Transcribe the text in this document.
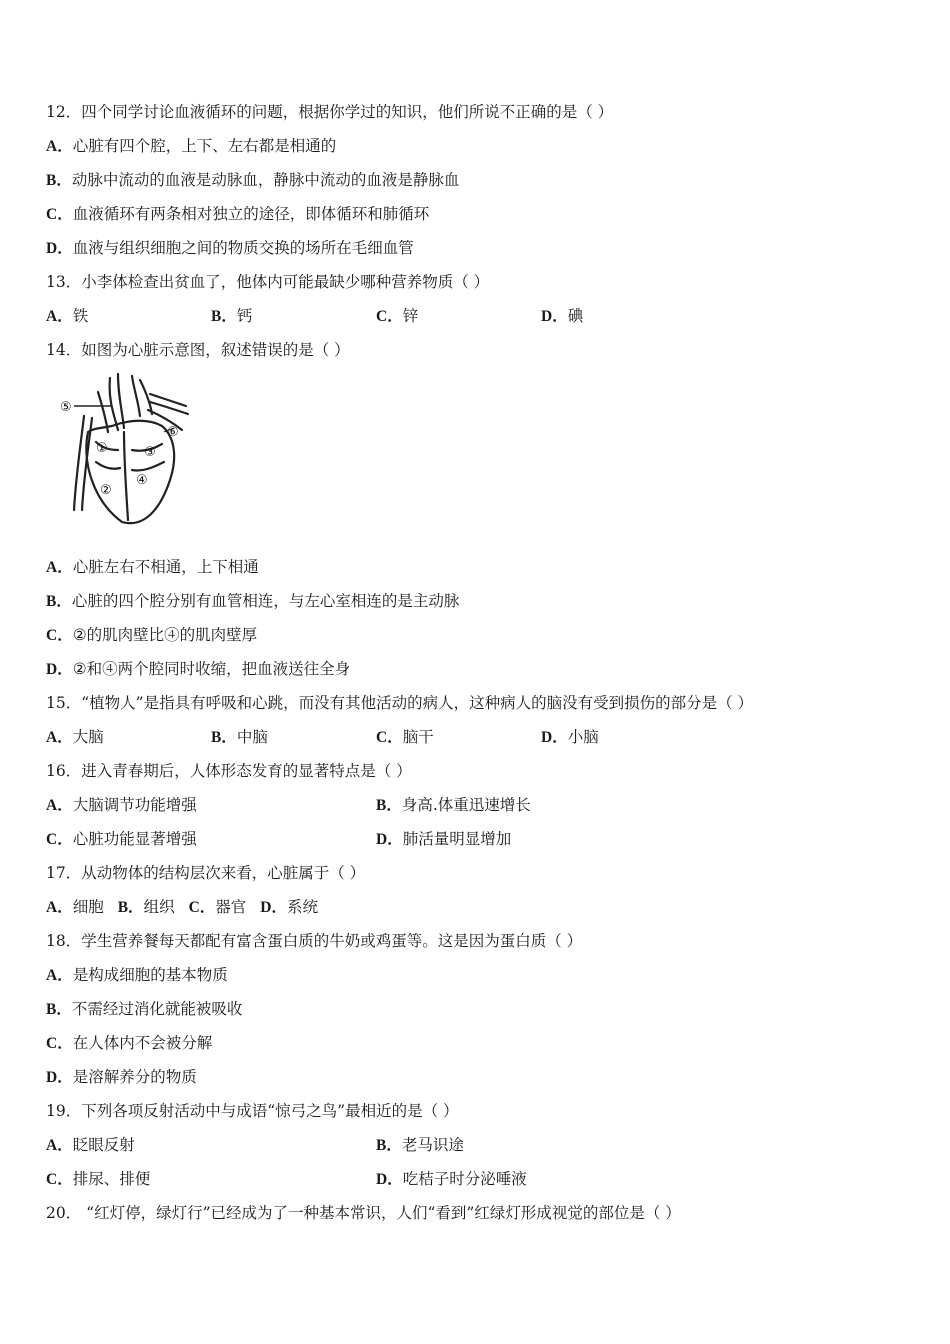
12．四个同学讨论血液循环的问题，根据你学过的知识，他们所说不正确的是（ ）
A．心脏有四个腔，上下、左右都是相通的
B．动脉中流动的血液是动脉血，静脉中流动的血液是静脉血
C．血液循环有两条相对独立的途径，即体循环和肺循环
D．血液与组织细胞之间的物质交换的场所在毛细血管
13．小李体检查出贫血了，他体内可能最缺少哪种营养物质（ ）
A．铁	B．钙	C．锌	D．碘
14．如图为心脏示意图，叙述错误的是（ ）
⑤
①	③
⑥
②
④
A．心脏左右不相通，上下相通
B．心脏的四个腔分别有血管相连，与左心室相连的是主动脉
C．②的肌肉壁比④的肌肉壁厚
D．②和④两个腔同时收缩，把血液送往全身
15．“植物人”是指具有呼吸和心跳，而没有其他活动的病人，这种病人的脑没有受到损伤的部分是（ ）
A．大脑	B．中脑	C．脑干	D．小脑
16．进入青春期后，人体形态发育的显著特点是（ ）
A．大脑调节功能增强	B．身高.体重迅速增长
C．心脏功能显著增强	D．肺活量明显增加
17．从动物体的结构层次来看，心脏属于（ ）
A．细胞 B．组织 C．器官 D．系统
18．学生营养餐每天都配有富含蛋白质的牛奶或鸡蛋等。这是因为蛋白质（ ）
A．是构成细胞的基本物质
B．不需经过消化就能被吸收
C．在人体内不会被分解
D．是溶解养分的物质
19．下列各项反射活动中与成语“惊弓之鸟”最相近的是（ ）
A．眨眼反射	B．老马识途
C．排尿、排便	D．吃桔子时分泌唾液
20． “红灯停，绿灯行”已经成为了一种基本常识，人们“看到”红绿灯形成视觉的部位是（ ）
